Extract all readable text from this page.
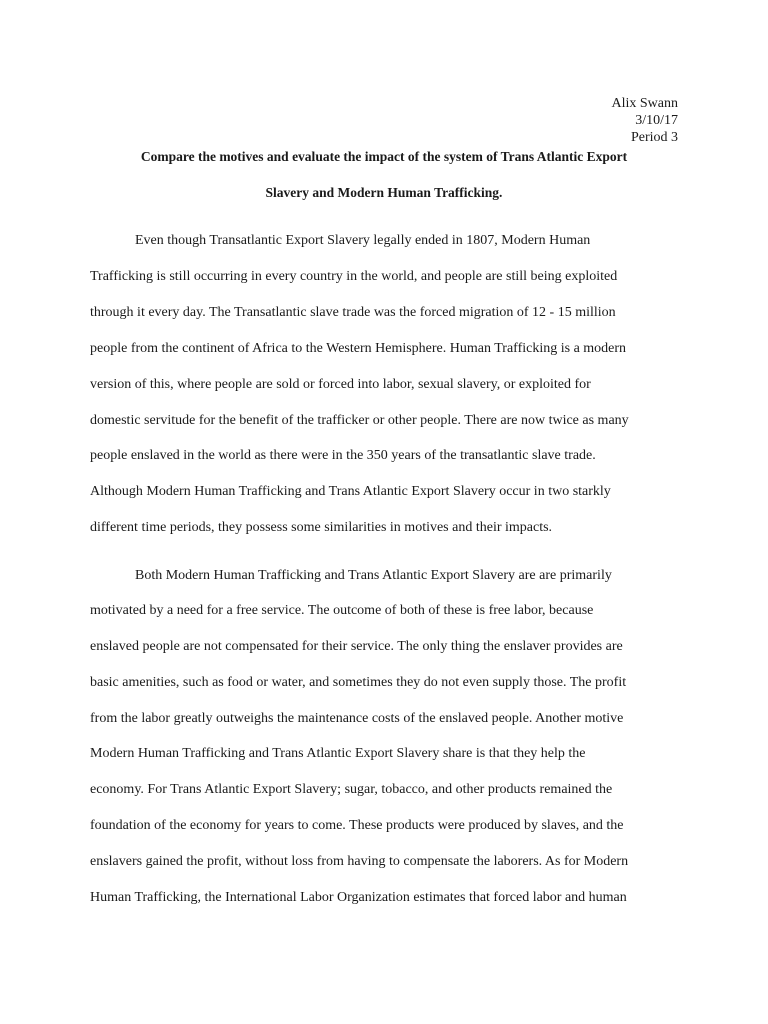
Alix Swann
3/10/17
Period 3
Compare the motives and evaluate the impact of the system of Trans Atlantic Export
Slavery and Modern Human Trafficking.
Even though Transatlantic Export Slavery legally ended in 1807, Modern Human
Trafficking is still occurring in every country in the world, and people are still being exploited
through it every day. The Transatlantic slave trade was the forced migration of 12 - 15 million
people from the continent of Africa to the Western Hemisphere. Human Trafficking is a modern
version of this, where people are sold or forced into labor, sexual slavery, or exploited for
domestic servitude for the benefit of the trafficker or other people. There are now twice as many
people enslaved in the world as there were in the 350 years of the transatlantic slave trade.
Although Modern Human Trafficking and Trans Atlantic Export Slavery occur in two starkly
different time periods, they possess some similarities in motives and their impacts.
Both Modern Human Trafficking and Trans Atlantic Export Slavery are are primarily
motivated by a need for a free service. The outcome of both of these is free labor, because
enslaved people are not compensated for their service. The only thing the enslaver provides are
basic amenities, such as food or water, and sometimes they do not even supply those. The profit
from the labor greatly outweighs the maintenance costs of the enslaved people. Another motive
Modern Human Trafficking and Trans Atlantic Export Slavery share is that they help the
economy. For Trans Atlantic Export Slavery; sugar, tobacco, and other products remained the
foundation of the economy for years to come. These products were produced by slaves, and the
enslavers gained the profit, without loss from having to compensate the laborers. As for Modern
Human Trafficking, the International Labor Organization estimates that forced labor and human
